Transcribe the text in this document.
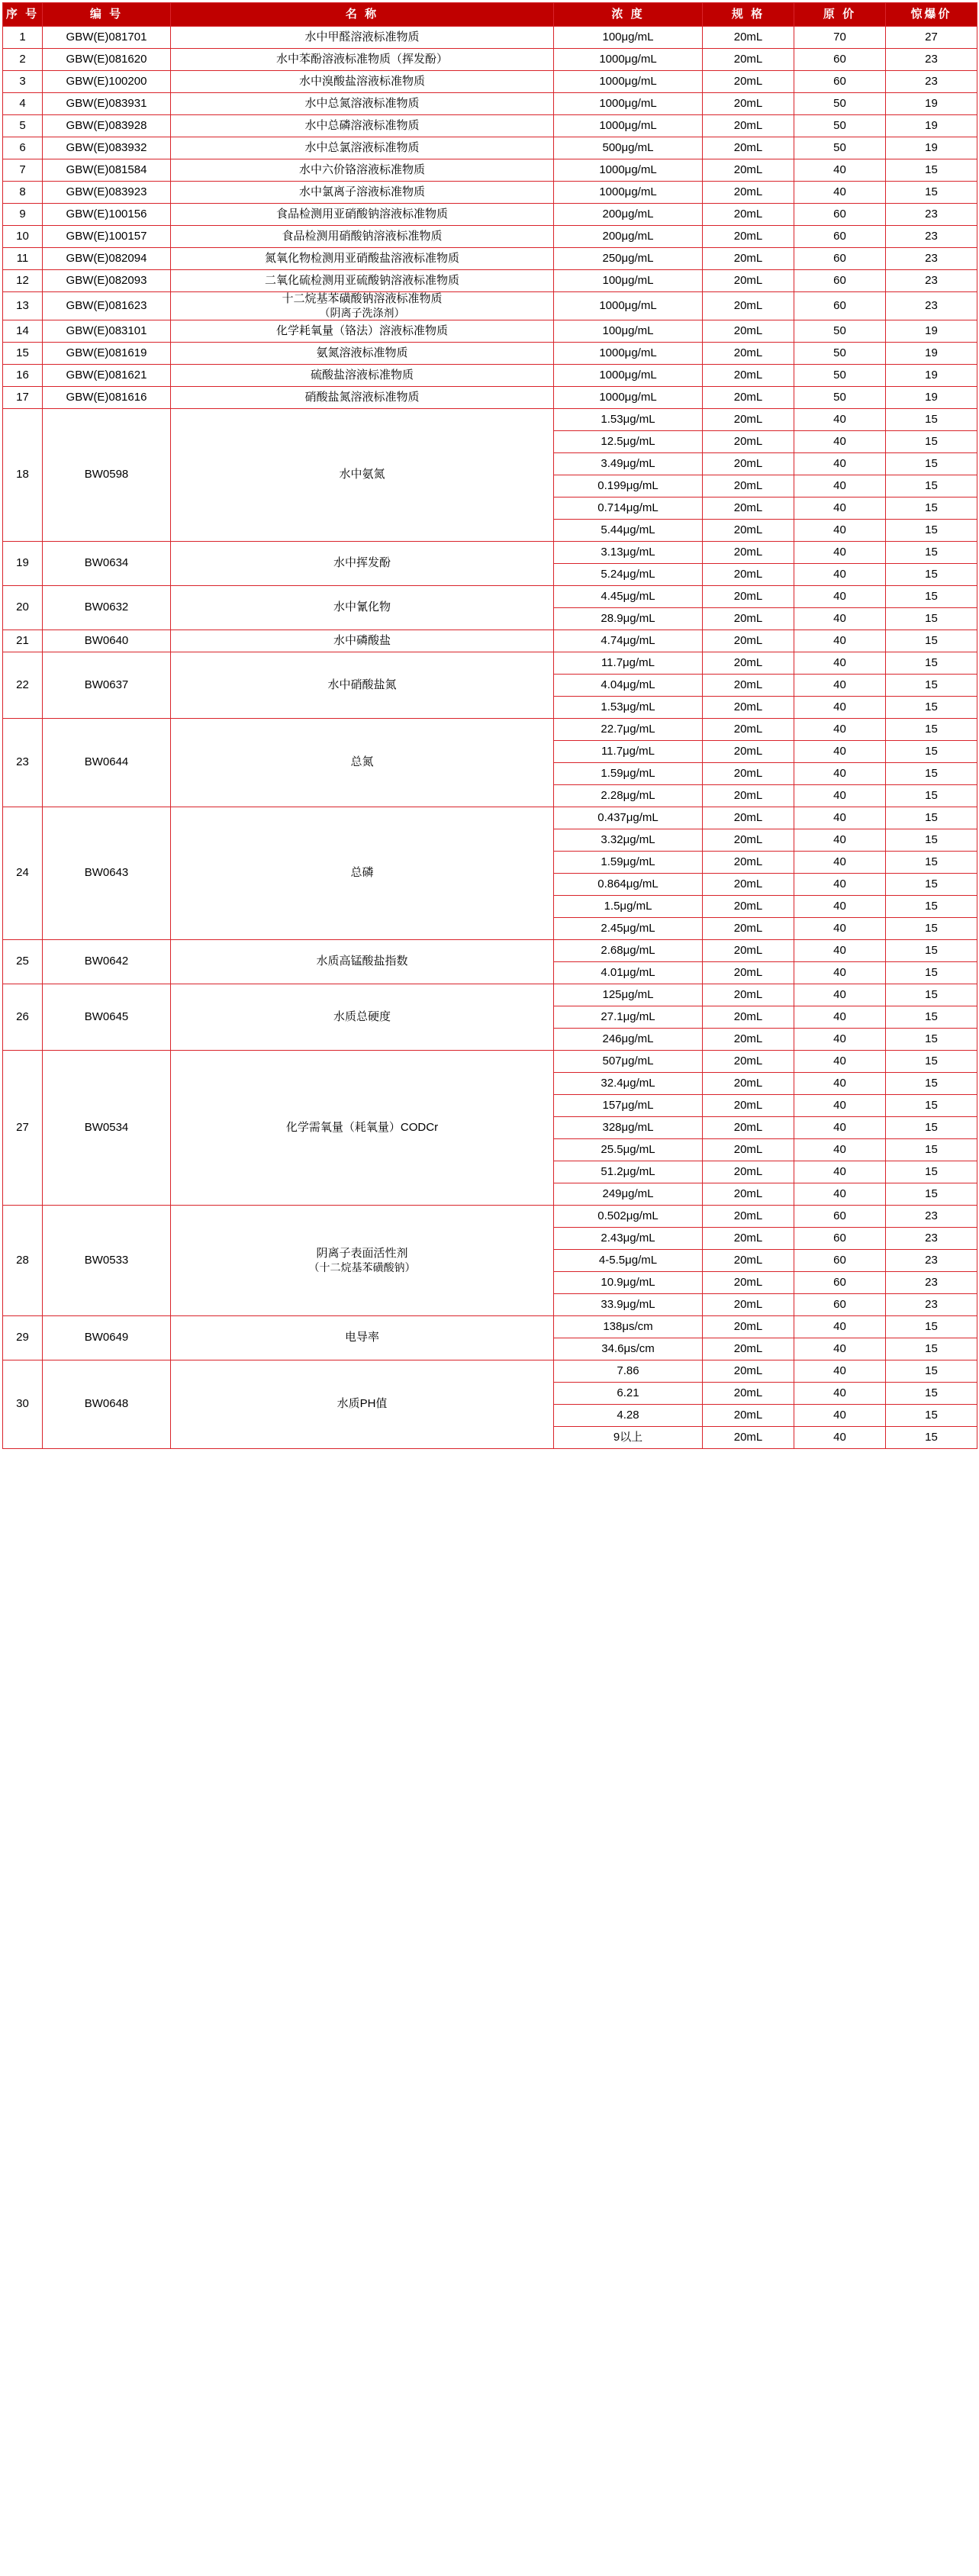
序 号	编 号	名 称	浓 度	规 格	原 价	惊爆价
1	GBW(E)081701	水中甲醛溶液标准物质	100μg/mL	20mL	70	27
2	GBW(E)081620	水中苯酚溶液标准物质（挥发酚）	1000μg/mL	20mL	60	23
3	GBW(E)100200	水中溴酸盐溶液标准物质	1000μg/mL	20mL	60	23
4	GBW(E)083931	水中总氮溶液标准物质	1000μg/mL	20mL	50	19
5	GBW(E)083928	水中总磷溶液标准物质	1000μg/mL	20mL	50	19
6	GBW(E)083932	水中总氯溶液标准物质	500μg/mL	20mL	50	19
7	GBW(E)081584	水中六价铬溶液标准物质	1000μg/mL	20mL	40	15
8	GBW(E)083923	水中氯离子溶液标准物质	1000μg/mL	20mL	40	15
9	GBW(E)100156	食品检测用亚硝酸钠溶液标准物质	200μg/mL	20mL	60	23
10	GBW(E)100157	食品检测用硝酸钠溶液标准物质	200μg/mL	20mL	60	23
11	GBW(E)082094	氮氧化物检测用亚硝酸盐溶液标准物质	250μg/mL	20mL	60	23
12	GBW(E)082093	二氧化硫检测用亚硫酸钠溶液标准物质	100μg/mL	20mL	60	23
13	GBW(E)081623	十二烷基苯磺酸钠溶液标准物质
（阴离子洗涤剂）	1000μg/mL	20mL	60	23
14	GBW(E)083101	化学耗氧量（铬法）溶液标准物质	100μg/mL	20mL	50	19
15	GBW(E)081619	氨氮溶液标准物质	1000μg/mL	20mL	50	19
16	GBW(E)081621	硫酸盐溶液标准物质	1000μg/mL	20mL	50	19
17	GBW(E)081616	硝酸盐氮溶液标准物质	1000μg/mL	20mL	50	19
18	BW0598	水中氨氮	1.53μg/mL	20mL	40	15
			12.5μg/mL	20mL	40	15
			3.49μg/mL	20mL	40	15
			0.199μg/mL	20mL	40	15
			0.714μg/mL	20mL	40	15
			5.44μg/mL	20mL	40	15
19	BW0634	水中挥发酚	3.13μg/mL	20mL	40	15
			5.24μg/mL	20mL	40	15
20	BW0632	水中氰化物	4.45μg/mL	20mL	40	15
			28.9μg/mL	20mL	40	15
21	BW0640	水中磷酸盐	4.74μg/mL	20mL	40	15
22	BW0637	水中硝酸盐氮	11.7μg/mL	20mL	40	15
			4.04μg/mL	20mL	40	15
			1.53μg/mL	20mL	40	15
23	BW0644	总氮	22.7μg/mL	20mL	40	15
			11.7μg/mL	20mL	40	15
			1.59μg/mL	20mL	40	15
			2.28μg/mL	20mL	40	15
24	BW0643	总磷	0.437μg/mL	20mL	40	15
			3.32μg/mL	20mL	40	15
			1.59μg/mL	20mL	40	15
			0.864μg/mL	20mL	40	15
			1.5μg/mL	20mL	40	15
			2.45μg/mL	20mL	40	15
25	BW0642	水质高锰酸盐指数	2.68μg/mL	20mL	40	15
			4.01μg/mL	20mL	40	15
26	BW0645	水质总硬度	125μg/mL	20mL	40	15
			27.1μg/mL	20mL	40	15
			246μg/mL	20mL	40	15
27	BW0534	化学需氧量（耗氧量）CODCr	507μg/mL	20mL	40	15
			32.4μg/mL	20mL	40	15
			157μg/mL	20mL	40	15
			328μg/mL	20mL	40	15
			25.5μg/mL	20mL	40	15
			51.2μg/mL	20mL	40	15
			249μg/mL	20mL	40	15
28	BW0533	阴离子表面活性剂
（十二烷基苯磺酸钠）	0.502μg/mL	20mL	60	23
			2.43μg/mL	20mL	60	23
			4-5.5μg/mL	20mL	60	23
			10.9μg/mL	20mL	60	23
			33.9μg/mL	20mL	60	23
29	BW0649	电导率	138μs/cm	20mL	40	15
			34.6μs/cm	20mL	40	15
30	BW0648	水质PH值	7.86	20mL	40	15
			6.21	20mL	40	15
			4.28	20mL	40	15
			9以上	20mL	40	15
